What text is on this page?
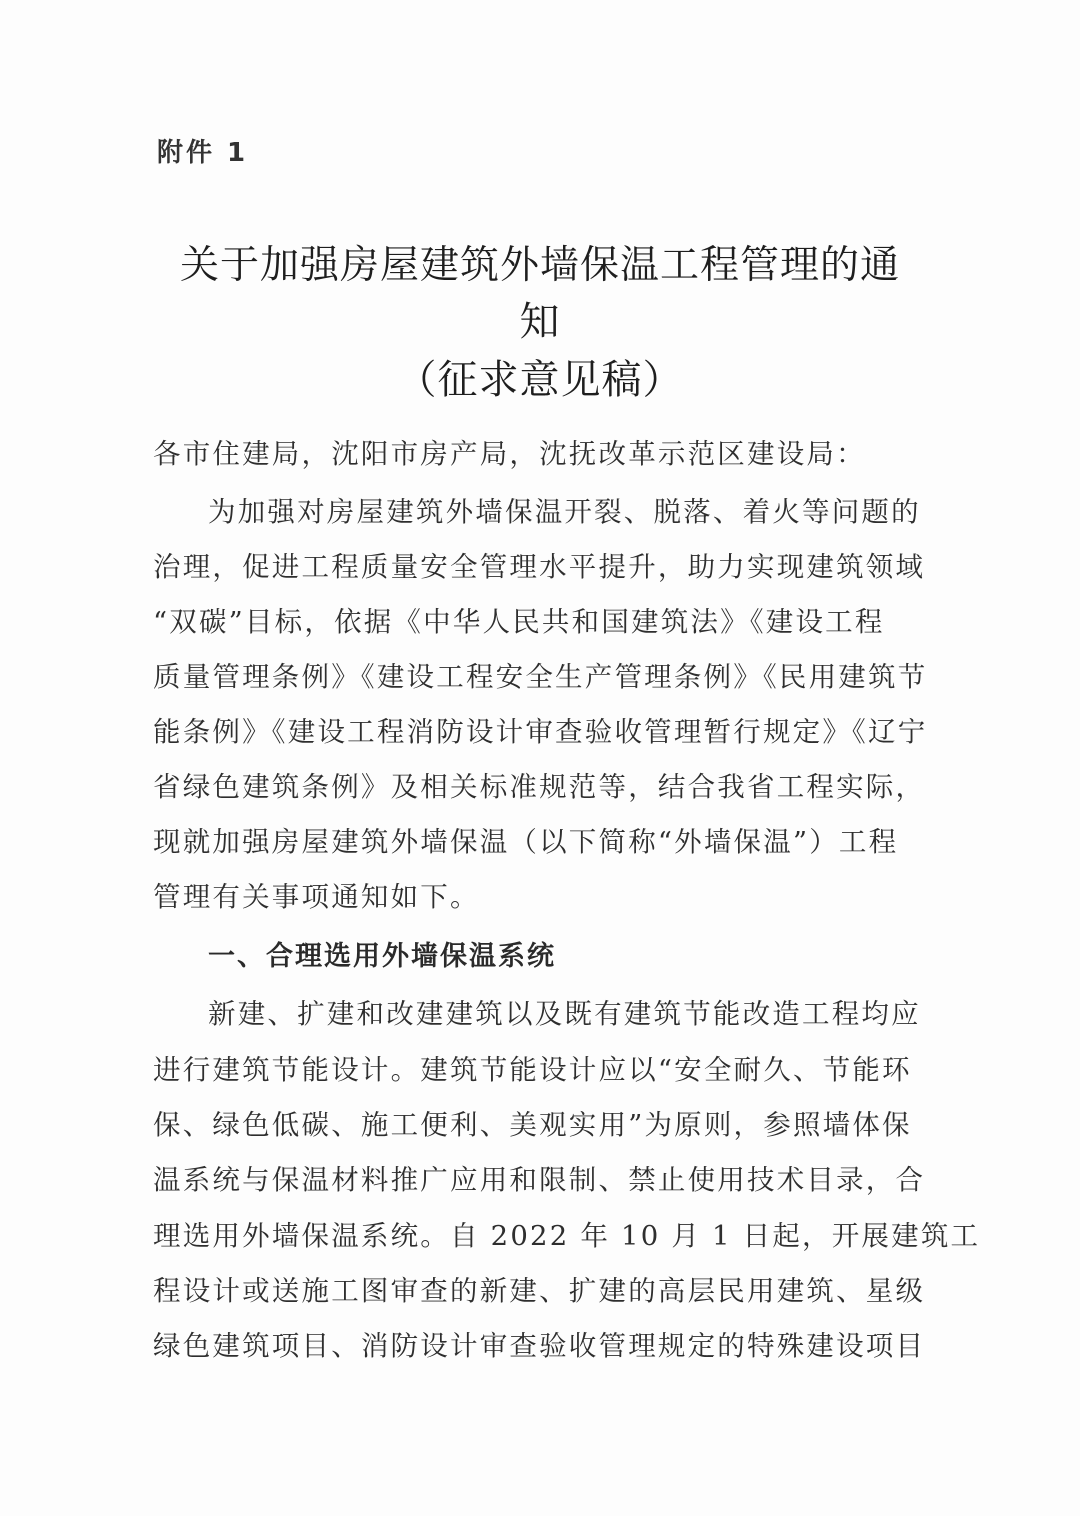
附件 1
关于加强房屋建筑外墙保温工程管理的通
知
（征求意见稿）
各市住建局，沈阳市房产局，沈抚改革示范区建设局：
为加强对房屋建筑外墙保温开裂、脱落、着火等问题的
治理，促进工程质量安全管理水平提升，助力实现建筑领域
“双碳”目标，依据《中华人民共和国建筑法》《建设工程
质量管理条例》《建设工程安全生产管理条例》《民用建筑节
能条例》《建设工程消防设计审查验收管理暂行规定》《辽宁
省绿色建筑条例》及相关标准规范等，结合我省工程实际，
现就加强房屋建筑外墙保温（以下简称“外墙保温”）工程
管理有关事项通知如下。
一、合理选用外墙保温系统
新建、扩建和改建建筑以及既有建筑节能改造工程均应
进行建筑节能设计。建筑节能设计应以“安全耐久、节能环
保、绿色低碳、施工便利、美观实用”为原则，参照墙体保
温系统与保温材料推广应用和限制、禁止使用技术目录，合
理选用外墙保温系统。自 2022 年 10 月 1 日起，开展建筑工
程设计或送施工图审查的新建、扩建的高层民用建筑、星级
绿色建筑项目、消防设计审查验收管理规定的特殊建设项目
